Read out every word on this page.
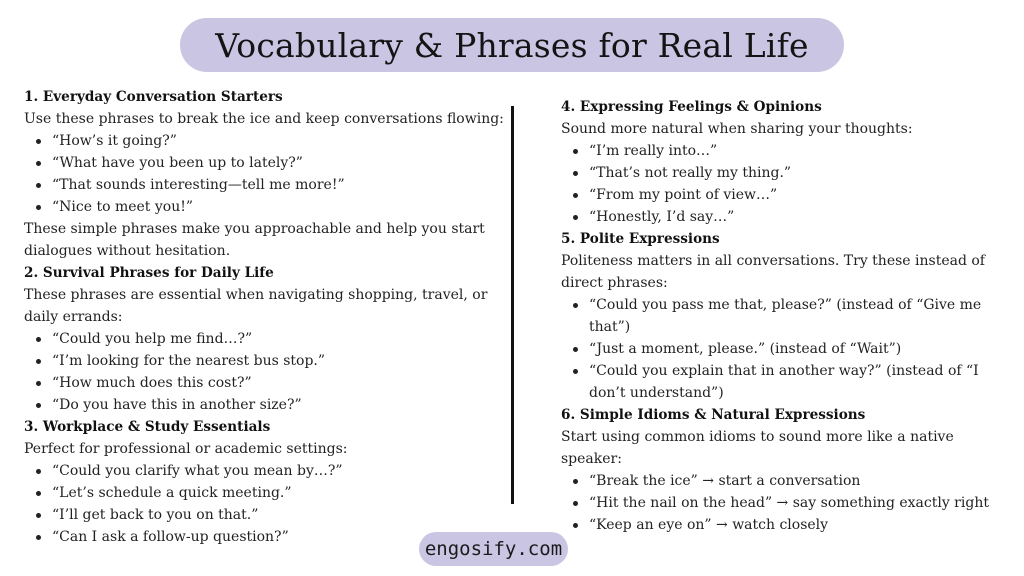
Vocabulary & Phrases for Real Life
1. Everyday Conversation Starters
Use these phrases to break the ice and keep conversations flowing:
“How’s it going?”
“What have you been up to lately?”
“That sounds interesting—tell me more!”
“Nice to meet you!”
These simple phrases make you approachable and help you start dialogues without hesitation.
2. Survival Phrases for Daily Life
These phrases are essential when navigating shopping, travel, or daily errands:
“Could you help me find…?”
“I’m looking for the nearest bus stop.”
“How much does this cost?”
“Do you have this in another size?”
3. Workplace & Study Essentials
Perfect for professional or academic settings:
“Could you clarify what you mean by…?”
“Let’s schedule a quick meeting.”
“I’ll get back to you on that.”
“Can I ask a follow-up question?”
4. Expressing Feelings & Opinions
Sound more natural when sharing your thoughts:
“I’m really into…”
“That’s not really my thing.”
“From my point of view…”
“Honestly, I’d say…”
5. Polite Expressions
Politeness matters in all conversations. Try these instead of direct phrases:
“Could you pass me that, please?” (instead of “Give me that”)
“Just a moment, please.” (instead of “Wait”)
“Could you explain that in another way?” (instead of “I don’t understand”)
6. Simple Idioms & Natural Expressions
Start using common idioms to sound more like a native speaker:
“Break the ice” → start a conversation
“Hit the nail on the head” → say something exactly right
“Keep an eye on” → watch closely
engosify.com
